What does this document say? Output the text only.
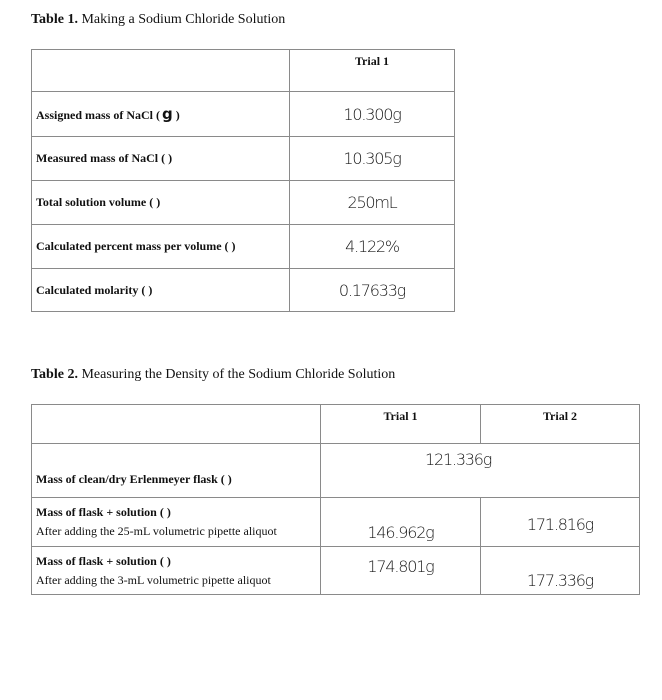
Table 1. Making a Sodium Chloride Solution
	Trial 1
Assigned mass of NaCl ( g )	10.300g
Measured mass of NaCl ( )	10.305g
Total solution volume ( )	250mL
Calculated percent mass per volume ( )	4.122%
Calculated molarity ( )	0.17633g
Table 2. Measuring the Density of the Sodium Chloride Solution
	Trial 1	Trial 2
Mass of clean/dry Erlenmeyer flask ( )	121.336g	

Mass of flask + solution ( )
After adding the 25-mL volumetric pipette aliquot	146.962g	171.816g

Mass of flask + solution ( )
After adding the 3-mL volumetric pipette aliquot	174.801g	177.336g
